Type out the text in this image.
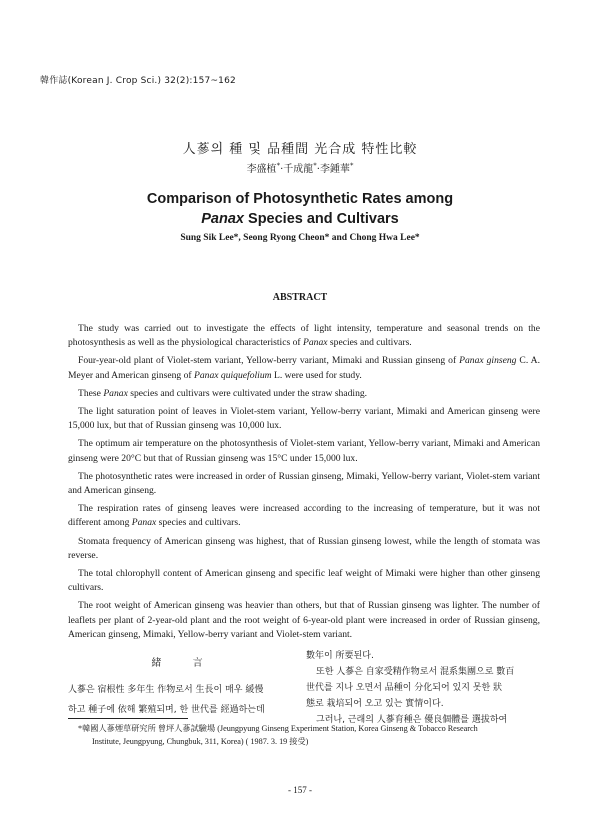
韓作誌(Korean J. Crop Sci.) 32(2):157~162
人蔘의 種 및 品種間 光合成 特性比較
李盛植*·千成龍*·李鍾華*
Comparison of Photosynthetic Rates among
Panax Species and Cultivars
Sung Sik Lee*, Seong Ryong Cheon* and Chong Hwa Lee*
ABSTRACT

The study was carried out to investigate the effects of light intensity, temperature and seasonal trends on the photosynthesis as well as the physiological characteristics of Panax species and cultivars.

Four-year-old plant of Violet-stem variant, Yellow-berry variant, Mimaki and Russian ginseng of Panax ginseng C. A. Meyer and American ginseng of Panax quiquefolium L. were used for study.

These Panax species and cultivars were cultivated under the straw shading.

The light saturation point of leaves in Violet-stem variant, Yellow-berry variant, Mimaki and American ginseng were 15,000 lux, but that of Russian ginseng was 10,000 lux.

The optimum air temperature on the photosynthesis of Violet-stem variant, Yellow-berry variant, Mimaki and American ginseng were 20°C but that of Russian ginseng was 15°C under 15,000 lux.

The photosynthetic rates were increased in order of Russian ginseng, Mimaki, Yellow-berry variant, Violet-stem variant and American ginseng.

The respiration rates of ginseng leaves were increased according to the increasing of temperature, but it was not different among Panax species and cultivars.

Stomata frequency of American ginseng was highest, that of Russian ginseng lowest, while the length of stomata was reverse.

The total chlorophyll content of American ginseng and specific leaf weight of Mimaki were higher than other ginseng cultivars.

The root weight of American ginseng was heavier than others, but that of Russian ginseng was lighter. The number of leaflets per plant of 2-year-old plant and the root weight of 6-year-old plant were increased in order of Russian ginseng, American ginseng, Mimaki, Yellow-berry variant and Violet-stem variant.

緒 言

人蔘은 宿根性 多年生 作物로서 生長이 매우 緩慢

하고 種子에 依해 繁殖되며, 한 世代를 經過하는데

數年이 所要된다.

또한 人蔘은 自家受精作物로서 混系集團으로 數百

世代를 지나 오면서 品種이 分化되어 있지 못한 狀

態로 栽培되어 오고 있는 實情이다.

그러나, 근래의 人蔘育種은 優良個體를 選拔하여

*韓國人蔘煙草研究所 曾坪人蔘試驗場 (Jeungpyung Ginseng Experiment Station, Korea Ginseng & Tobacco Research
Institute, Jeungpyung, Chungbuk, 311, Korea) ( 1987. 3. 19 接受)
- 157 -
